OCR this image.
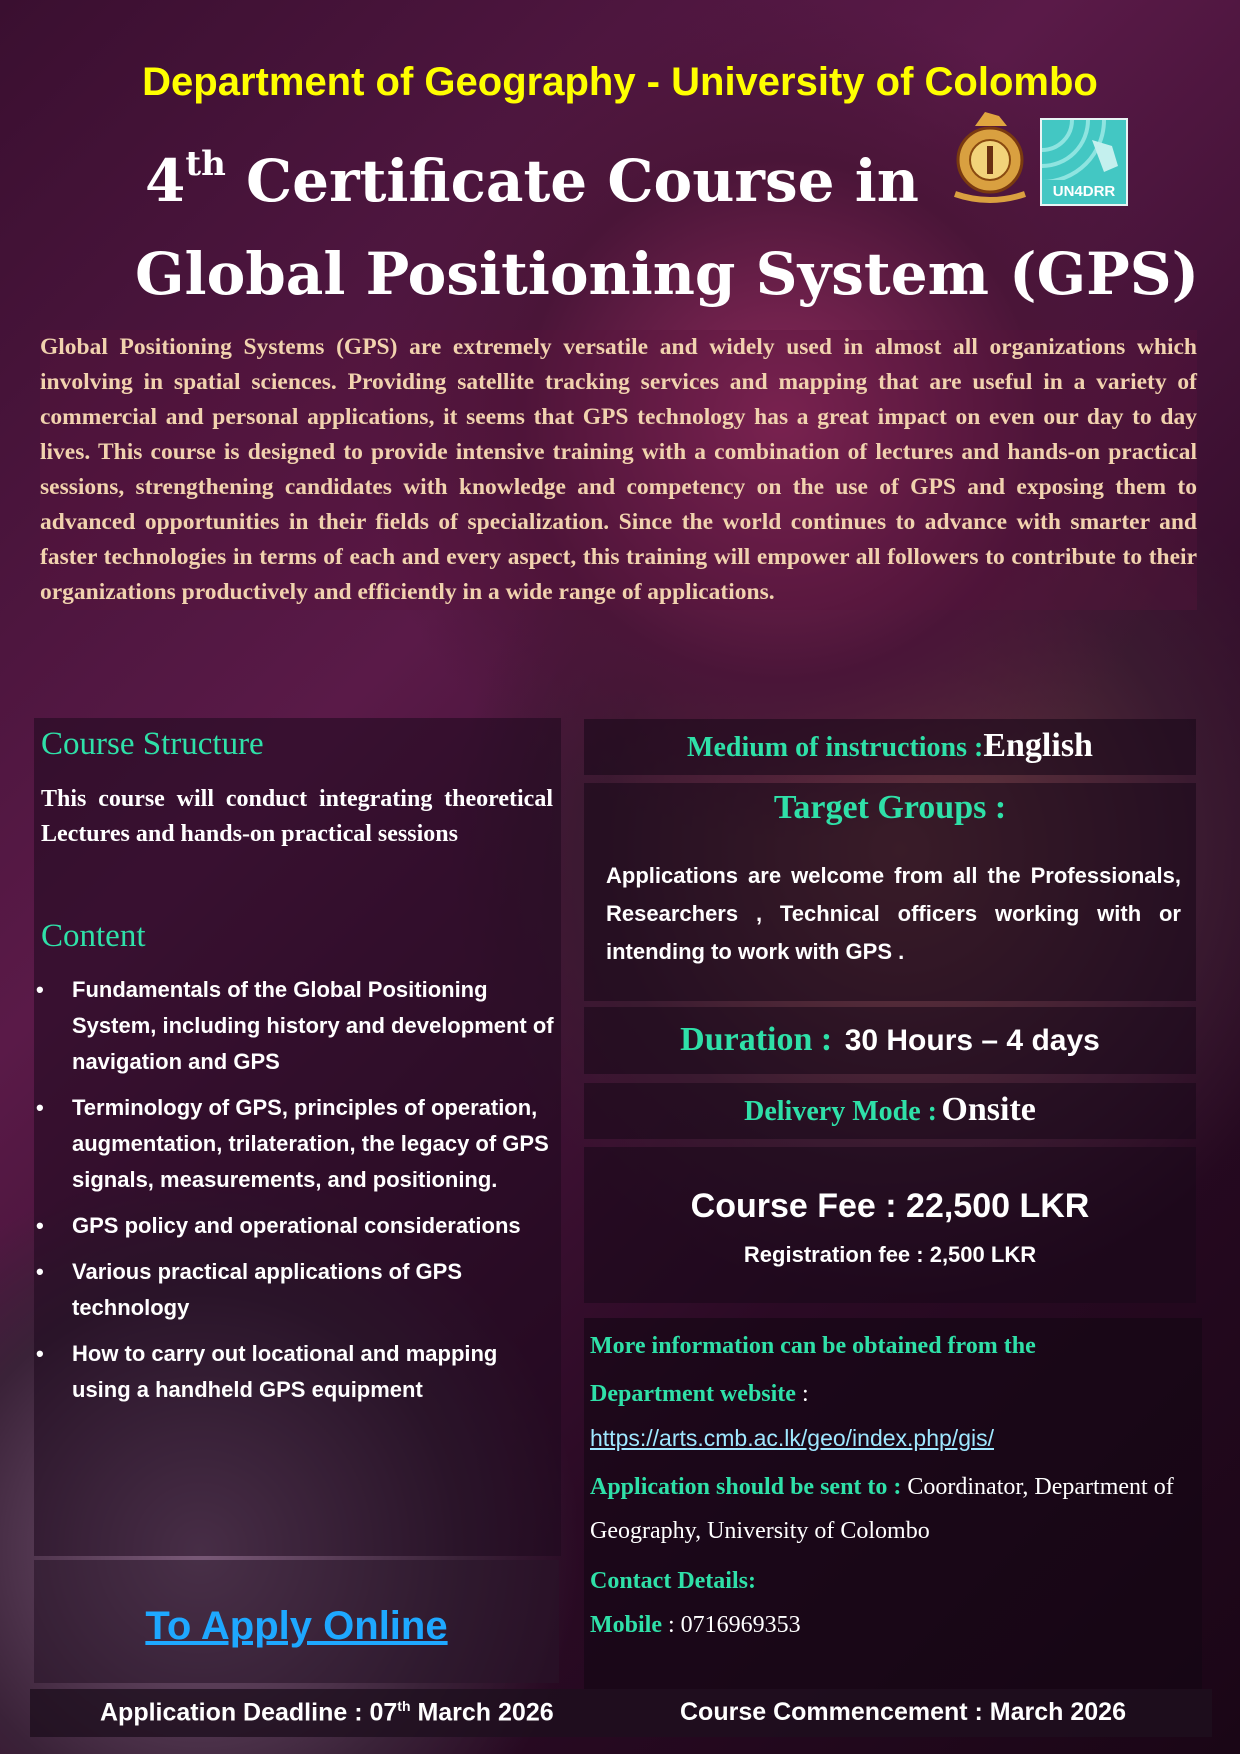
Department of Geography - University of Colombo
UN4DRR
4th Certificate Course in
Global Positioning System (GPS)
Global Positioning Systems (GPS) are extremely versatile and widely used in almost all organizations which involving in spatial sciences. Providing satellite tracking services and mapping that are useful in a variety of commercial and personal applications, it seems that GPS technology has a great impact on even our day to day lives. This course is designed to provide intensive training with a combination of lectures and hands-on practical sessions, strengthening candidates with knowledge and competency on the use of GPS and exposing them to advanced opportunities in their fields of specialization. Since the world continues to advance with smarter and faster technologies in terms of each and every aspect, this training will empower all followers to contribute to their organizations productively and efficiently in a wide range of applications.
Course Structure
This course will conduct integrating theoretical Lectures and hands-on practical sessions
Content
• Fundamentals of the Global Positioning System, including history and development of navigation and GPS
• Terminology of GPS, principles of operation, augmentation, trilateration, the legacy of GPS signals, measurements, and positioning.
• GPS policy and operational considerations
• Various practical applications of GPS technology
• How to carry out locational and mapping using a handheld GPS equipment
To Apply Online
Medium of instructions :English
Target Groups :
Applications are welcome from all the Professionals, Researchers , Technical officers working with or intending to work with GPS .
Duration : 30 Hours – 4 days
Delivery Mode : Onsite
Course Fee : 22,500 LKR
Registration fee : 2,500 LKR
More information can be obtained from the
Department website : https://arts.cmb.ac.lk/geo/index.php/gis/
Application should be sent to : Coordinator, Department of Geography, University of Colombo
Contact Details:
Mobile : 0716969353
Application Deadline : 07th March 2026	Course Commencement : March 2026
